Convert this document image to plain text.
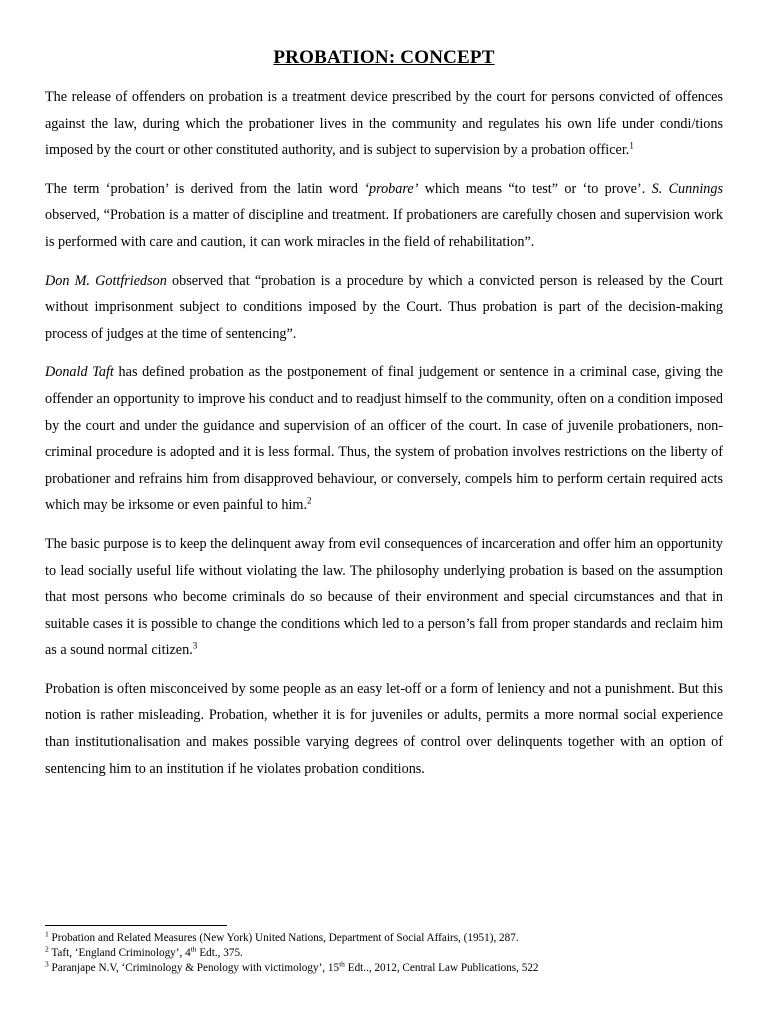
PROBATION: CONCEPT

The release of offenders on probation is a treatment device prescribed by the court for persons convicted of offences against the law, during which the probationer lives in the community and regulates his own life under condi/tions imposed by the court or other constituted authority, and is subject to supervision by a probation officer.$^1$

The term ‘probation’ is derived from the latin word ‘probare’ which means “to test” or ‘to prove’. S. Cunnings observed, “Probation is a matter of discipline and treatment. If probationers are carefully chosen and supervision work is performed with care and caution, it can work miracles in the field of rehabilitation”.

Don M. Gottfriedson observed that “probation is a procedure by which a convicted person is released by the Court without imprisonment subject to conditions imposed by the Court. Thus probation is part of the decision-making process of judges at the time of sentencing”.

Donald Taft has defined probation as the postponement of final judgement or sentence in a criminal case, giving the offender an opportunity to improve his conduct and to readjust himself to the community, often on a condition imposed by the court and under the guidance and supervision of an officer of the court. In case of juvenile probationers, non-criminal procedure is adopted and it is less formal. Thus, the system of probation involves restrictions on the liberty of probationer and refrains him from disapproved behaviour, or conversely, compels him to perform certain required acts which may be irksome or even painful to him.$^2$

The basic purpose is to keep the delinquent away from evil consequences of incarceration and offer him an opportunity to lead socially useful life without violating the law. The philosophy underlying probation is based on the assumption that most persons who become criminals do so because of their environment and special circumstances and that in suitable cases it is possible to change the conditions which led to a person’s fall from proper standards and reclaim him as a sound normal citizen.$^3$

Probation is often misconceived by some people as an easy let-off or a form of leniency and not a punishment. But this notion is rather misleading. Probation, whether it is for juveniles or adults, permits a more normal social experience than institutionalisation and makes possible varying degrees of control over delinquents together with an option of sentencing him to an institution if he violates probation conditions.

$^1$ Probation and Related Measures (New York) United Nations, Department of Social Affairs, (1951), 287.

$^2$ Taft, ‘England Criminology’, 4th Edt., 375.

$^3$ Paranjape N.V, ‘Criminology & Penology with victimology’, 15th Edt.., 2012, Central Law Publications, 522
